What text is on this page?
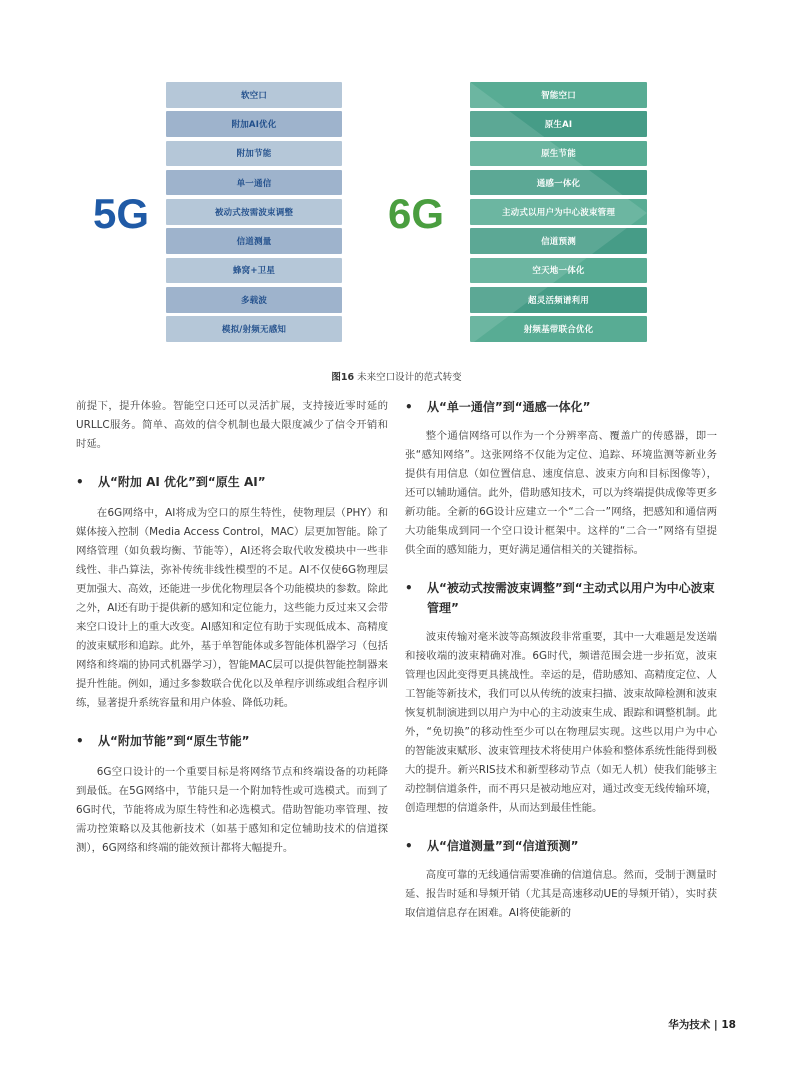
软空口
附加AI优化
附加节能
单一通信
被动式按需波束调整
信道测量
蜂窝+卫星
多载波
模拟/射频无感知
智能空口
原生AI
原生节能
通感一体化
主动式以用户为中心波束管理
信道预测
空天地一体化
超灵活频谱利用
射频基带联合优化
5G	6G
图16 未来空口设计的范式转变

前提下，提升体验。智能空口还可以灵活扩展，支持接近零时延的URLLC服务。简单、高效的信令机制也最大限度减少了信令开销和时延。

•	从“附加 AI 优化”到“原生 AI”

在6G网络中，AI将成为空口的原生特性，使物理层（PHY）和媒体接入控制（Media Access Control，MAC）层更加智能。除了网络管理（如负载均衡、节能等），AI还将会取代收发模块中一些非线性、非凸算法，弥补传统非线性模型的不足。AI不仅使6G物理层更加强大、高效，还能进一步优化物理层各个功能模块的参数。除此之外，AI还有助于提供新的感知和定位能力，这些能力反过来又会带来空口设计上的重大改变。AI感知和定位有助于实现低成本、高精度的波束赋形和追踪。此外，基于单智能体或多智能体机器学习（包括网络和终端的协同式机器学习），智能MAC层可以提供智能控制器来提升性能。例如，通过多参数联合优化以及单程序训练或组合程序训练，显著提升系统容量和用户体验、降低功耗。

•	从“附加节能”到“原生节能”

6G空口设计的一个重要目标是将网络节点和终端设备的功耗降到最低。在5G网络中，节能只是一个附加特性或可选模式。而到了6G时代，节能将成为原生特性和必选模式。借助智能功率管理、按需功控策略以及其他新技术（如基于感知和定位辅助技术的信道探测），6G网络和终端的能效预计都将大幅提升。

•	从“单一通信”到“通感一体化”

整个通信网络可以作为一个分辨率高、覆盖广的传感器，即一张“感知网络”。这张网络不仅能为定位、追踪、环境监测等新业务提供有用信息（如位置信息、速度信息、波束方向和目标图像等），还可以辅助通信。此外，借助感知技术，可以为终端提供成像等更多新功能。全新的6G设计应建立一个“二合一”网络，把感知和通信两大功能集成到同一个空口设计框架中。这样的“二合一”网络有望提供全面的感知能力，更好满足通信相关的关键指标。

•	从“被动式按需波束调整”到“主动式以用户为中心波束管理”

波束传输对毫米波等高频波段非常重要，其中一大难题是发送端和接收端的波束精确对准。6G时代，频谱范围会进一步拓宽，波束管理也因此变得更具挑战性。幸运的是，借助感知、高精度定位、人工智能等新技术，我们可以从传统的波束扫描、波束故障检测和波束恢复机制演进到以用户为中心的主动波束生成、跟踪和调整机制。此外，“免切换”的移动性至少可以在物理层实现。这些以用户为中心的智能波束赋形、波束管理技术将使用户体验和整体系统性能得到极大的提升。新兴RIS技术和新型移动节点（如无人机）使我们能够主动控制信道条件，而不再只是被动地应对，通过改变无线传输环境，创造理想的信道条件，从而达到最佳性能。

•	从“信道测量”到“信道预测”

高度可靠的无线通信需要准确的信道信息。然而，受制于测量时延、报告时延和导频开销（尤其是高速移动UE的导频开销），实时获取信道信息存在困难。AI将使能新的

华为技术 | 18
